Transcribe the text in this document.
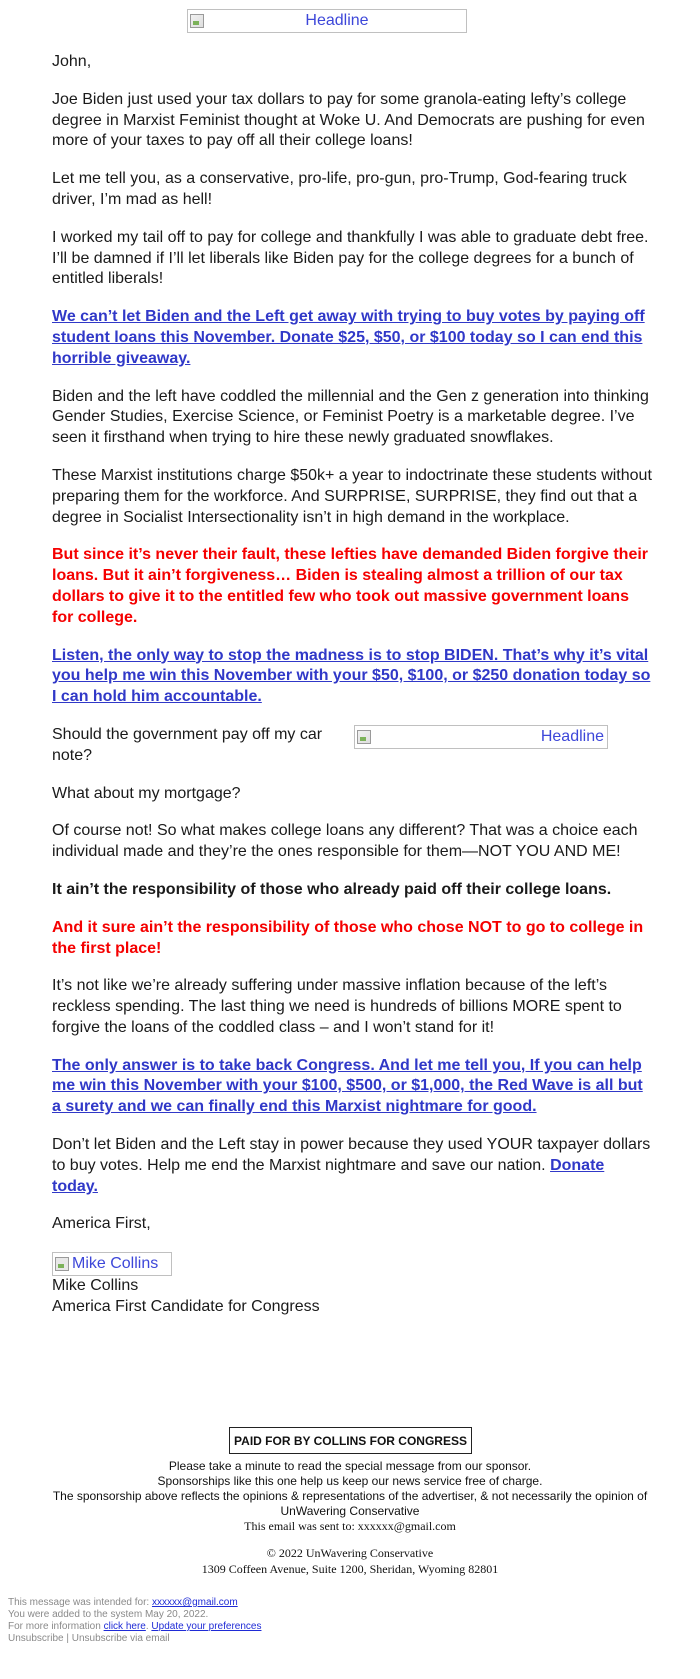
Headline

John,

Joe Biden just used your tax dollars to pay for some granola-eating lefty’s college degree in Marxist Feminist thought at Woke U. And Democrats are pushing for even more of your taxes to pay off all their college loans!

Let me tell you, as a conservative, pro-life, pro-gun, pro-Trump, God-fearing truck driver, I’m mad as hell!

I worked my tail off to pay for college and thankfully I was able to graduate debt free. I’ll be damned if I’ll let liberals like Biden pay for the college degrees for a bunch of entitled liberals!

We can’t let Biden and the Left get away with trying to buy votes by paying off student loans this November. Donate $25, $50, or $100 today so I can end this horrible giveaway.

Biden and the left have coddled the millennial and the Gen z generation into thinking Gender Studies, Exercise Science, or Feminist Poetry is a marketable degree. I’ve seen it firsthand when trying to hire these newly graduated snowflakes.

These Marxist institutions charge $50k+ a year to indoctrinate these students without preparing them for the workforce. And SURPRISE, SURPRISE, they find out that a degree in Socialist Intersectionality isn’t in high demand in the workplace.

But since it’s never their fault, these lefties have demanded Biden forgive their loans. But it ain’t forgiveness… Biden is stealing almost a trillion of our tax dollars to give it to the entitled few who took out massive government loans for college.

Listen, the only way to stop the madness is to stop BIDEN. That’s why it’s vital you help me win this November with your $50, $100, or $250 donation today so I can hold him accountable.

Should the government pay off my car note?

Headline

What about my mortgage?

Of course not! So what makes college loans any different? That was a choice each individual made and they’re the ones responsible for them—NOT YOU AND ME!

It ain’t the responsibility of those who already paid off their college loans.

And it sure ain’t the responsibility of those who chose NOT to go to college in the first place!

It’s not like we’re already suffering under massive inflation because of the left’s reckless spending. The last thing we need is hundreds of billions MORE spent to forgive the loans of the coddled class – and I won’t stand for it!

The only answer is to take back Congress. And let me tell you, If you can help me win this November with your $100, $500, or $1,000, the Red Wave is all but a surety and we can finally end this Marxist nightmare for good.

Don’t let Biden and the Left stay in power because they used YOUR taxpayer dollars to buy votes. Help me end the Marxist nightmare and save our nation. Donate today.

America First,

Mike Collins
Mike Collins
America First Candidate for Congress
PAID FOR BY COLLINS FOR CONGRESS
Please take a minute to read the special message from our sponsor.
Sponsorships like this one help us keep our news service free of charge.
The sponsorship above reflects the opinions & representations of the advertiser, & not necessarily the opinion of UnWavering Conservative
This email was sent to: xxxxxx@gmail.com
© 2022 UnWavering Conservative
1309 Coffeen Avenue, Suite 1200, Sheridan, Wyoming 82801
This message was intended for: xxxxxx@gmail.com
You were added to the system May 20, 2022.
For more information click here. Update your preferences
Unsubscribe | Unsubscribe via email
